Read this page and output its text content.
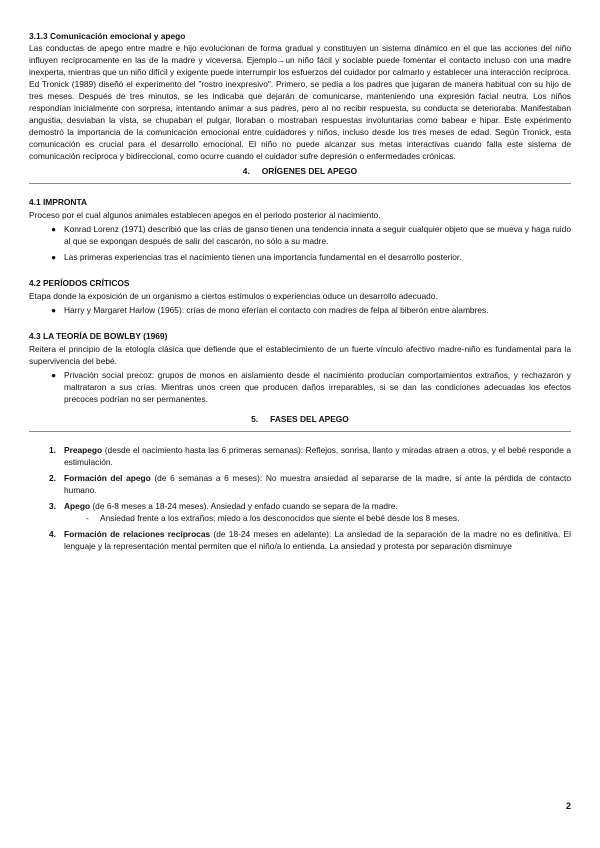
3.1.3 Comunicación emocional y apego

Las conductas de apego entre madre e hijo evolucionan de forma gradual y constituyen un sistema dinámico en el que las acciones del niño influyen recíprocamente en las de la madre y viceversa. Ejemplo→un niño fácil y sociable puede fomentar el contacto incluso con una madre inexperta, mientras que un niño difícil y exigente puede interrumpir los esfuerzos del cuidador por calmarlo y establecer una interacción recíproca.

Ed Tronick (1989) diseñó el experimento del "rostro inexpresivo". Primero, se pedía a los padres que jugaran de manera habitual con su hijo de tres meses. Después de tres minutos, se les indicaba que dejarán de comunicarse, manteniendo una expresión facial neutra. Los niños respondían inicialmente con sorpresa, intentando animar a sus padres, pero al no recibir respuesta, su conducta se deterioraba. Manifestaban angustia, desviaban la vista, se chupaban el pulgar, lloraban o mostraban respuestas involuntarias como babear e hipar. Este experimento demostró la importancia de la comunicación emocional entre cuidadores y niños, incluso desde los tres meses de edad. Según Tronick, esta comunicación es crucial para el desarrollo emocional. El niño no puede alcanzar sus metas interactivas cuando falla este sistema de comunicación recíproca y bidireccional, como ocurre cuando el cuidador sufre depresión o enfermedades crónicas.

4. ORÍGENES DEL APEGO
4.1 IMPRONTA

Proceso por el cual algunos animales establecen apegos en el periodo posterior al nacimiento.

● Konrad Lorenz (1971) describió que las crías de ganso tienen una tendencia innata a seguir cualquier objeto que se mueva y haga ruido al que se expongan después de salir del cascarón, no sólo a su madre.
● Las primeras experiencias tras el nacimiento tienen una importancia fundamental en el desarrollo posterior.
4.2 PERÍODOS CRÍTICOS

Etapa donde la exposición de un organismo a ciertos estímulos o experiencias oduce un desarrollo adecuado.

● Harry y Margaret Harlow (1965): crías de mono eferían el contacto con madres de felpa al biberón entre alambres.
4.3 LA TEORÍA DE BOWLBY (1969)

Reitera el principio de la etología clásica que defiende que el establecimiento de un fuerte vínculo afectivo madre-niño es fundamental para la supervivencia del bebé.

● Privación social precoz: grupos de monos en aislamiento desde el nacimiento producían comportamientos extraños, y rechazaron y maltrataron a sus crías. Mientras unos creen que producen daños irreparables, si se dan las condiciones adecuadas los efectos precoces podrían no ser permanentes.
5. FASES DEL APEGO
1. Preapego (desde el nacimiento hasta las 6 primeras semanas): Reflejos, sonrisa, llanto y miradas atraen a otros, y el bebé responde a estimulación.
2. Formación del apego (de 6 semanas a 6 meses): No muestra ansiedad al separarse de la madre, si ante la pérdida de contacto humano.
3. Apego (de 6-8 meses a 18-24 meses). Ansiedad y enfado cuando se separa de la madre.
- Ansiedad frente a los extraños: miedo a los desconocidos que siente el bebé desde los 8 meses.
4. Formación de relaciones recíprocas (de 18-24 meses en adelante): La ansiedad de la separación de la madre no es definitiva. El lenguaje y la representación mental permiten que el niño/a lo entienda. La ansiedad y protesta por separación disminuye
2
